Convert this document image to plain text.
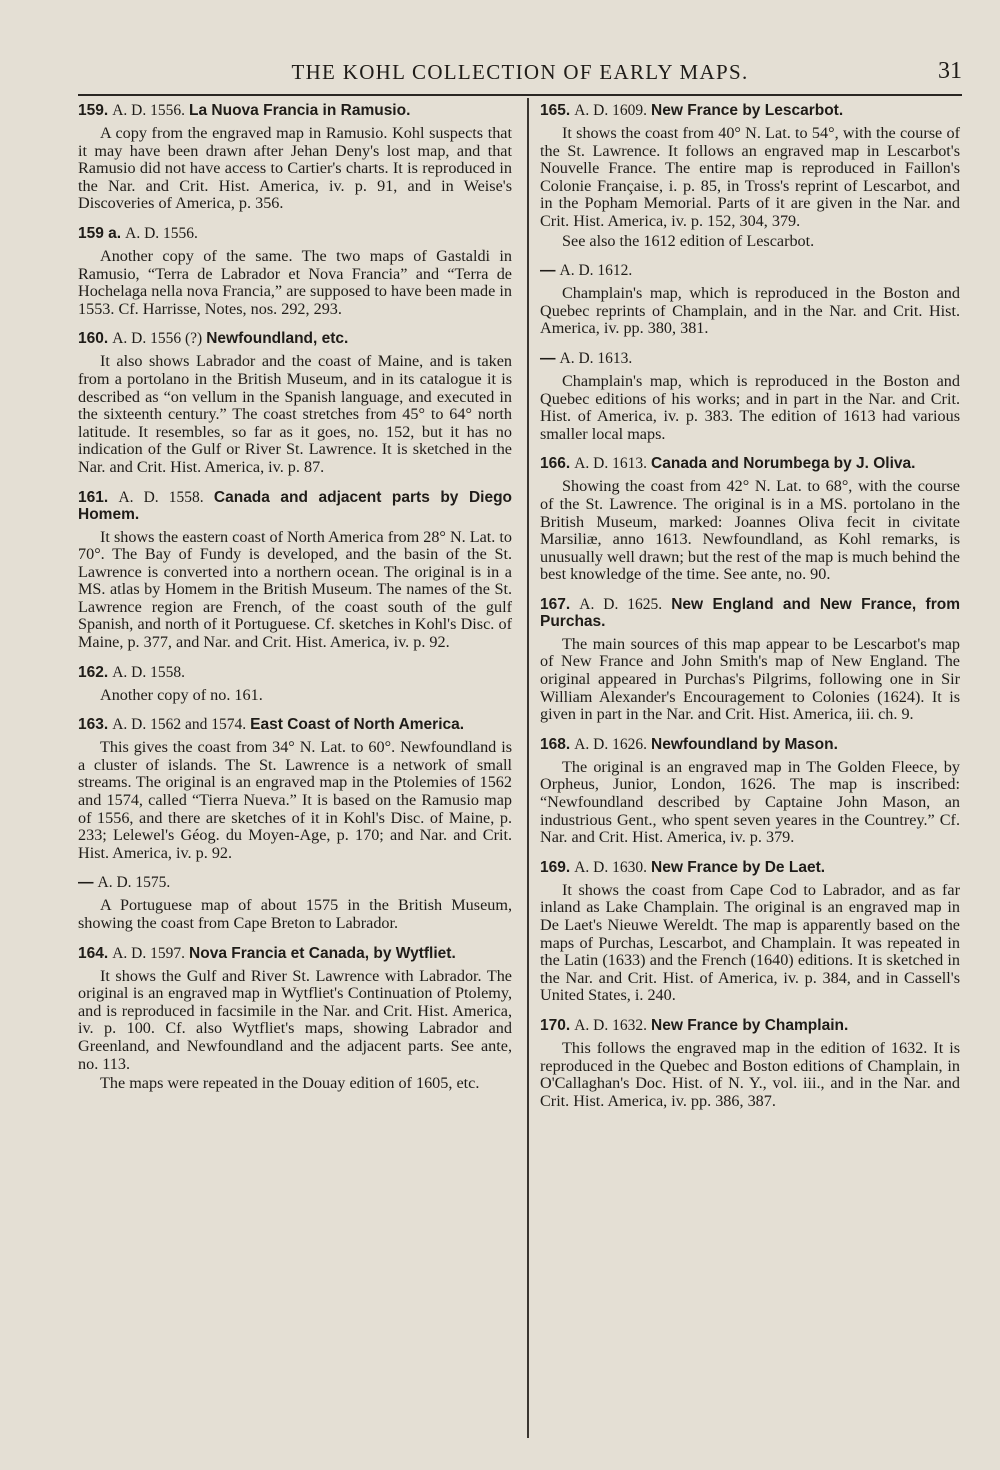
THE KOHL COLLECTION OF EARLY MAPS.	31
159. A. D. 1556. La Nuova Francia in Ramusio.

A copy from the engraved map in Ramusio. Kohl suspects that it may have been drawn after Jehan Deny's lost map, and that Ramusio did not have access to Cartier's charts. It is reproduced in the Nar. and Crit. Hist. America, iv. p. 91, and in Weise's Discoveries of America, p. 356.

159 a. A. D. 1556.

Another copy of the same. The two maps of Gastaldi in Ramusio, “Terra de Labrador et Nova Francia” and “Terra de Hochelaga nella nova Francia,” are supposed to have been made in 1553. Cf. Harrisse, Notes, nos. 292, 293.

160. A. D. 1556 (?) Newfoundland, etc.

It also shows Labrador and the coast of Maine, and is taken from a portolano in the British Museum, and in its catalogue it is described as “on vellum in the Spanish language, and executed in the sixteenth century.” The coast stretches from 45° to 64° north latitude. It resembles, so far as it goes, no. 152, but it has no indication of the Gulf or River St. Lawrence. It is sketched in the Nar. and Crit. Hist. America, iv. p. 87.

161. A. D. 1558. Canada and adjacent parts by Diego Homem.

It shows the eastern coast of North America from 28° N. Lat. to 70°. The Bay of Fundy is developed, and the basin of the St. Lawrence is converted into a northern ocean. The original is in a MS. atlas by Homem in the British Museum. The names of the St. Lawrence region are French, of the coast south of the gulf Spanish, and north of it Portuguese. Cf. sketches in Kohl's Disc. of Maine, p. 377, and Nar. and Crit. Hist. America, iv. p. 92.

162. A. D. 1558.

Another copy of no. 161.

163. A. D. 1562 and 1574. East Coast of North America.

This gives the coast from 34° N. Lat. to 60°. Newfoundland is a cluster of islands. The St. Lawrence is a network of small streams. The original is an engraved map in the Ptolemies of 1562 and 1574, called “Tierra Nueva.” It is based on the Ramusio map of 1556, and there are sketches of it in Kohl's Disc. of Maine, p. 233; Lelewel's Géog. du Moyen-Age, p. 170; and Nar. and Crit. Hist. America, iv. p. 92.

— A. D. 1575.

A Portuguese map of about 1575 in the British Museum, showing the coast from Cape Breton to Labrador.

164. A. D. 1597. Nova Francia et Canada, by Wytfliet.

It shows the Gulf and River St. Lawrence with Labrador. The original is an engraved map in Wytfliet's Continuation of Ptolemy, and is reproduced in facsimile in the Nar. and Crit. Hist. America, iv. p. 100. Cf. also Wytfliet's maps, showing Labrador and Greenland, and Newfoundland and the adjacent parts. See ante, no. 113.

The maps were repeated in the Douay edition of 1605, etc.

165. A. D. 1609. New France by Lescarbot.

It shows the coast from 40° N. Lat. to 54°, with the course of the St. Lawrence. It follows an engraved map in Lescarbot's Nouvelle France. The entire map is reproduced in Faillon's Colonie Française, i. p. 85, in Tross's reprint of Lescarbot, and in the Popham Memorial. Parts of it are given in the Nar. and Crit. Hist. America, iv. p. 152, 304, 379.

See also the 1612 edition of Lescarbot.

— A. D. 1612.

Champlain's map, which is reproduced in the Boston and Quebec reprints of Champlain, and in the Nar. and Crit. Hist. America, iv. pp. 380, 381.

— A. D. 1613.

Champlain's map, which is reproduced in the Boston and Quebec editions of his works; and in part in the Nar. and Crit. Hist. of America, iv. p. 383. The edition of 1613 had various smaller local maps.

166. A. D. 1613. Canada and Norumbega by J. Oliva.

Showing the coast from 42° N. Lat. to 68°, with the course of the St. Lawrence. The original is in a MS. portolano in the British Museum, marked: Joannes Oliva fecit in civitate Marsiliæ, anno 1613. Newfoundland, as Kohl remarks, is unusually well drawn; but the rest of the map is much behind the best knowledge of the time. See ante, no. 90.

167. A. D. 1625. New England and New France, from Purchas.

The main sources of this map appear to be Lescarbot's map of New France and John Smith's map of New England. The original appeared in Purchas's Pilgrims, following one in Sir William Alexander's Encouragement to Colonies (1624). It is given in part in the Nar. and Crit. Hist. America, iii. ch. 9.

168. A. D. 1626. Newfoundland by Mason.

The original is an engraved map in The Golden Fleece, by Orpheus, Junior, London, 1626. The map is inscribed: “Newfoundland described by Captaine John Mason, an industrious Gent., who spent seven yeares in the Countrey.” Cf. Nar. and Crit. Hist. America, iv. p. 379.

169. A. D. 1630. New France by De Laet.

It shows the coast from Cape Cod to Labrador, and as far inland as Lake Champlain. The original is an engraved map in De Laet's Nieuwe Wereldt. The map is apparently based on the maps of Purchas, Lescarbot, and Champlain. It was repeated in the Latin (1633) and the French (1640) editions. It is sketched in the Nar. and Crit. Hist. of America, iv. p. 384, and in Cassell's United States, i. 240.

170. A. D. 1632. New France by Champlain.

This follows the engraved map in the edition of 1632. It is reproduced in the Quebec and Boston editions of Champlain, in O'Callaghan's Doc. Hist. of N. Y., vol. iii., and in the Nar. and Crit. Hist. America, iv. pp. 386, 387.
